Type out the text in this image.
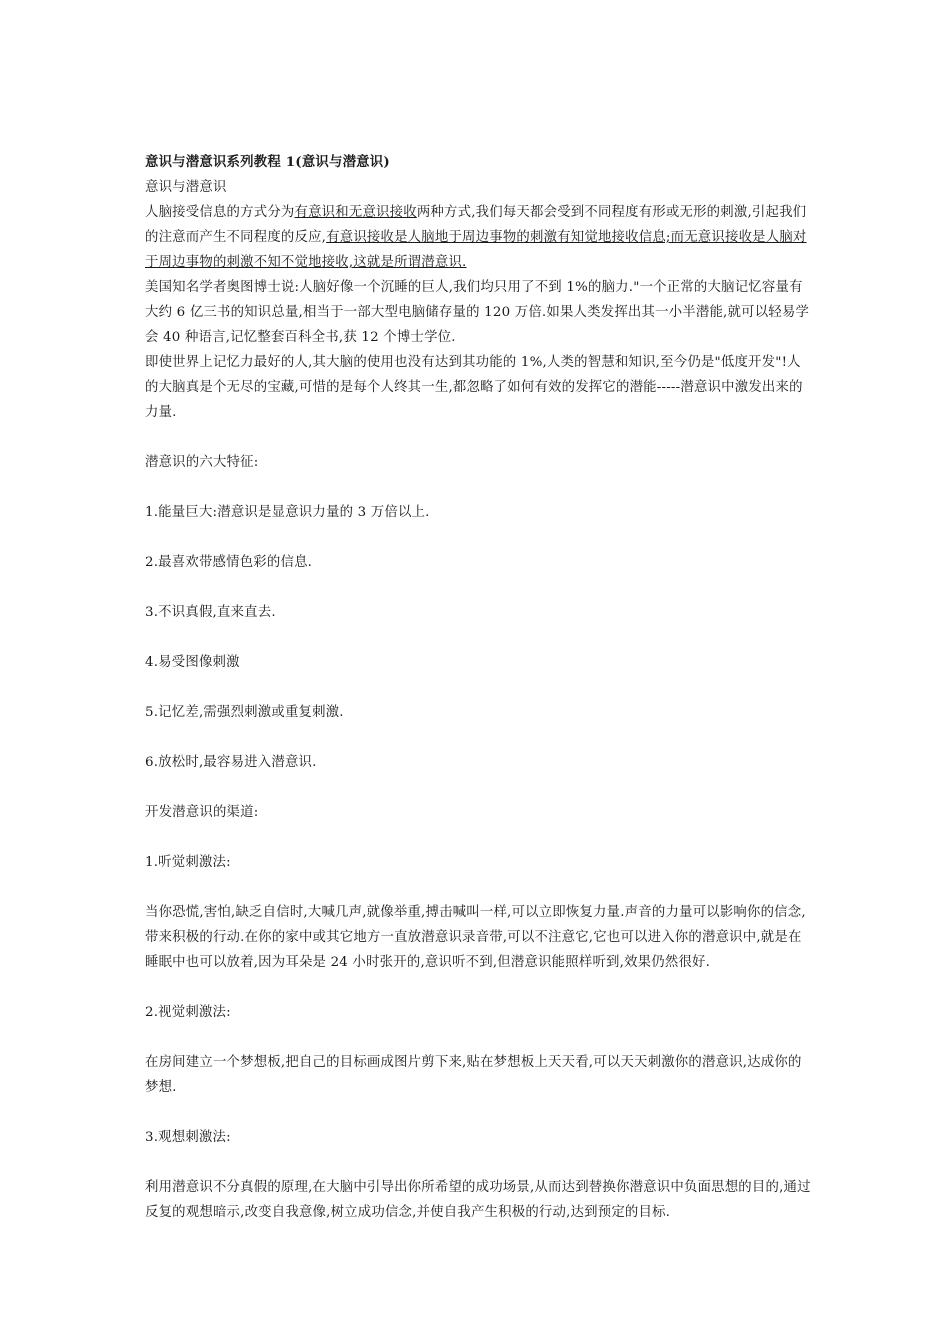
意识与潜意识系列教程 1(意识与潜意识)

意识与潜意识

人脑接受信息的方式分为有意识和无意识接收两种方式,我们每天都会受到不同程度有形或无形的刺激,引起我们的注意而产生不同程度的反应,有意识接收是人脑地于周边事物的刺激有知觉地接收信息;而无意识接收是人脑对于周边事物的刺激不知不觉地接收,这就是所谓潜意识.

美国知名学者奥图博士说:人脑好像一个沉睡的巨人,我们均只用了不到 1%的脑力."一个正常的大脑记忆容量有大约 6 亿三书的知识总量,相当于一部大型电脑储存量的 120 万倍.如果人类发挥出其一小半潜能,就可以轻易学会 40 种语言,记忆整套百科全书,获 12 个博士学位.

即使世界上记忆力最好的人,其大脑的使用也没有达到其功能的 1%,人类的智慧和知识,至今仍是"低度开发"!人的大脑真是个无尽的宝藏,可惜的是每个人终其一生,都忽略了如何有效的发挥它的潜能-----潜意识中激发出来的力量.

潜意识的六大特征:

1.能量巨大:潜意识是显意识力量的 3 万倍以上.

2.最喜欢带感情色彩的信息.

3.不识真假,直来直去.

4.易受图像刺激

5.记忆差,需强烈刺激或重复刺激.

6.放松时,最容易进入潜意识.

开发潜意识的渠道:

1.听觉刺激法:

当你恐慌,害怕,缺乏自信时,大喊几声,就像举重,搏击喊叫一样,可以立即恢复力量.声音的力量可以影响你的信念,带来积极的行动.在你的家中或其它地方一直放潜意识录音带,可以不注意它,它也可以进入你的潜意识中,就是在睡眠中也可以放着,因为耳朵是 24 小时张开的,意识听不到,但潜意识能照样听到,效果仍然很好.

2.视觉刺激法:

在房间建立一个梦想板,把自己的目标画成图片剪下来,贴在梦想板上天天看,可以天天刺激你的潜意识,达成你的梦想.

3.观想刺激法:

利用潜意识不分真假的原理,在大脑中引导出你所希望的成功场景,从而达到替换你潜意识中负面思想的目的,通过反复的观想暗示,改变自我意像,树立成功信念,并使自我产生积极的行动,达到预定的目标.
